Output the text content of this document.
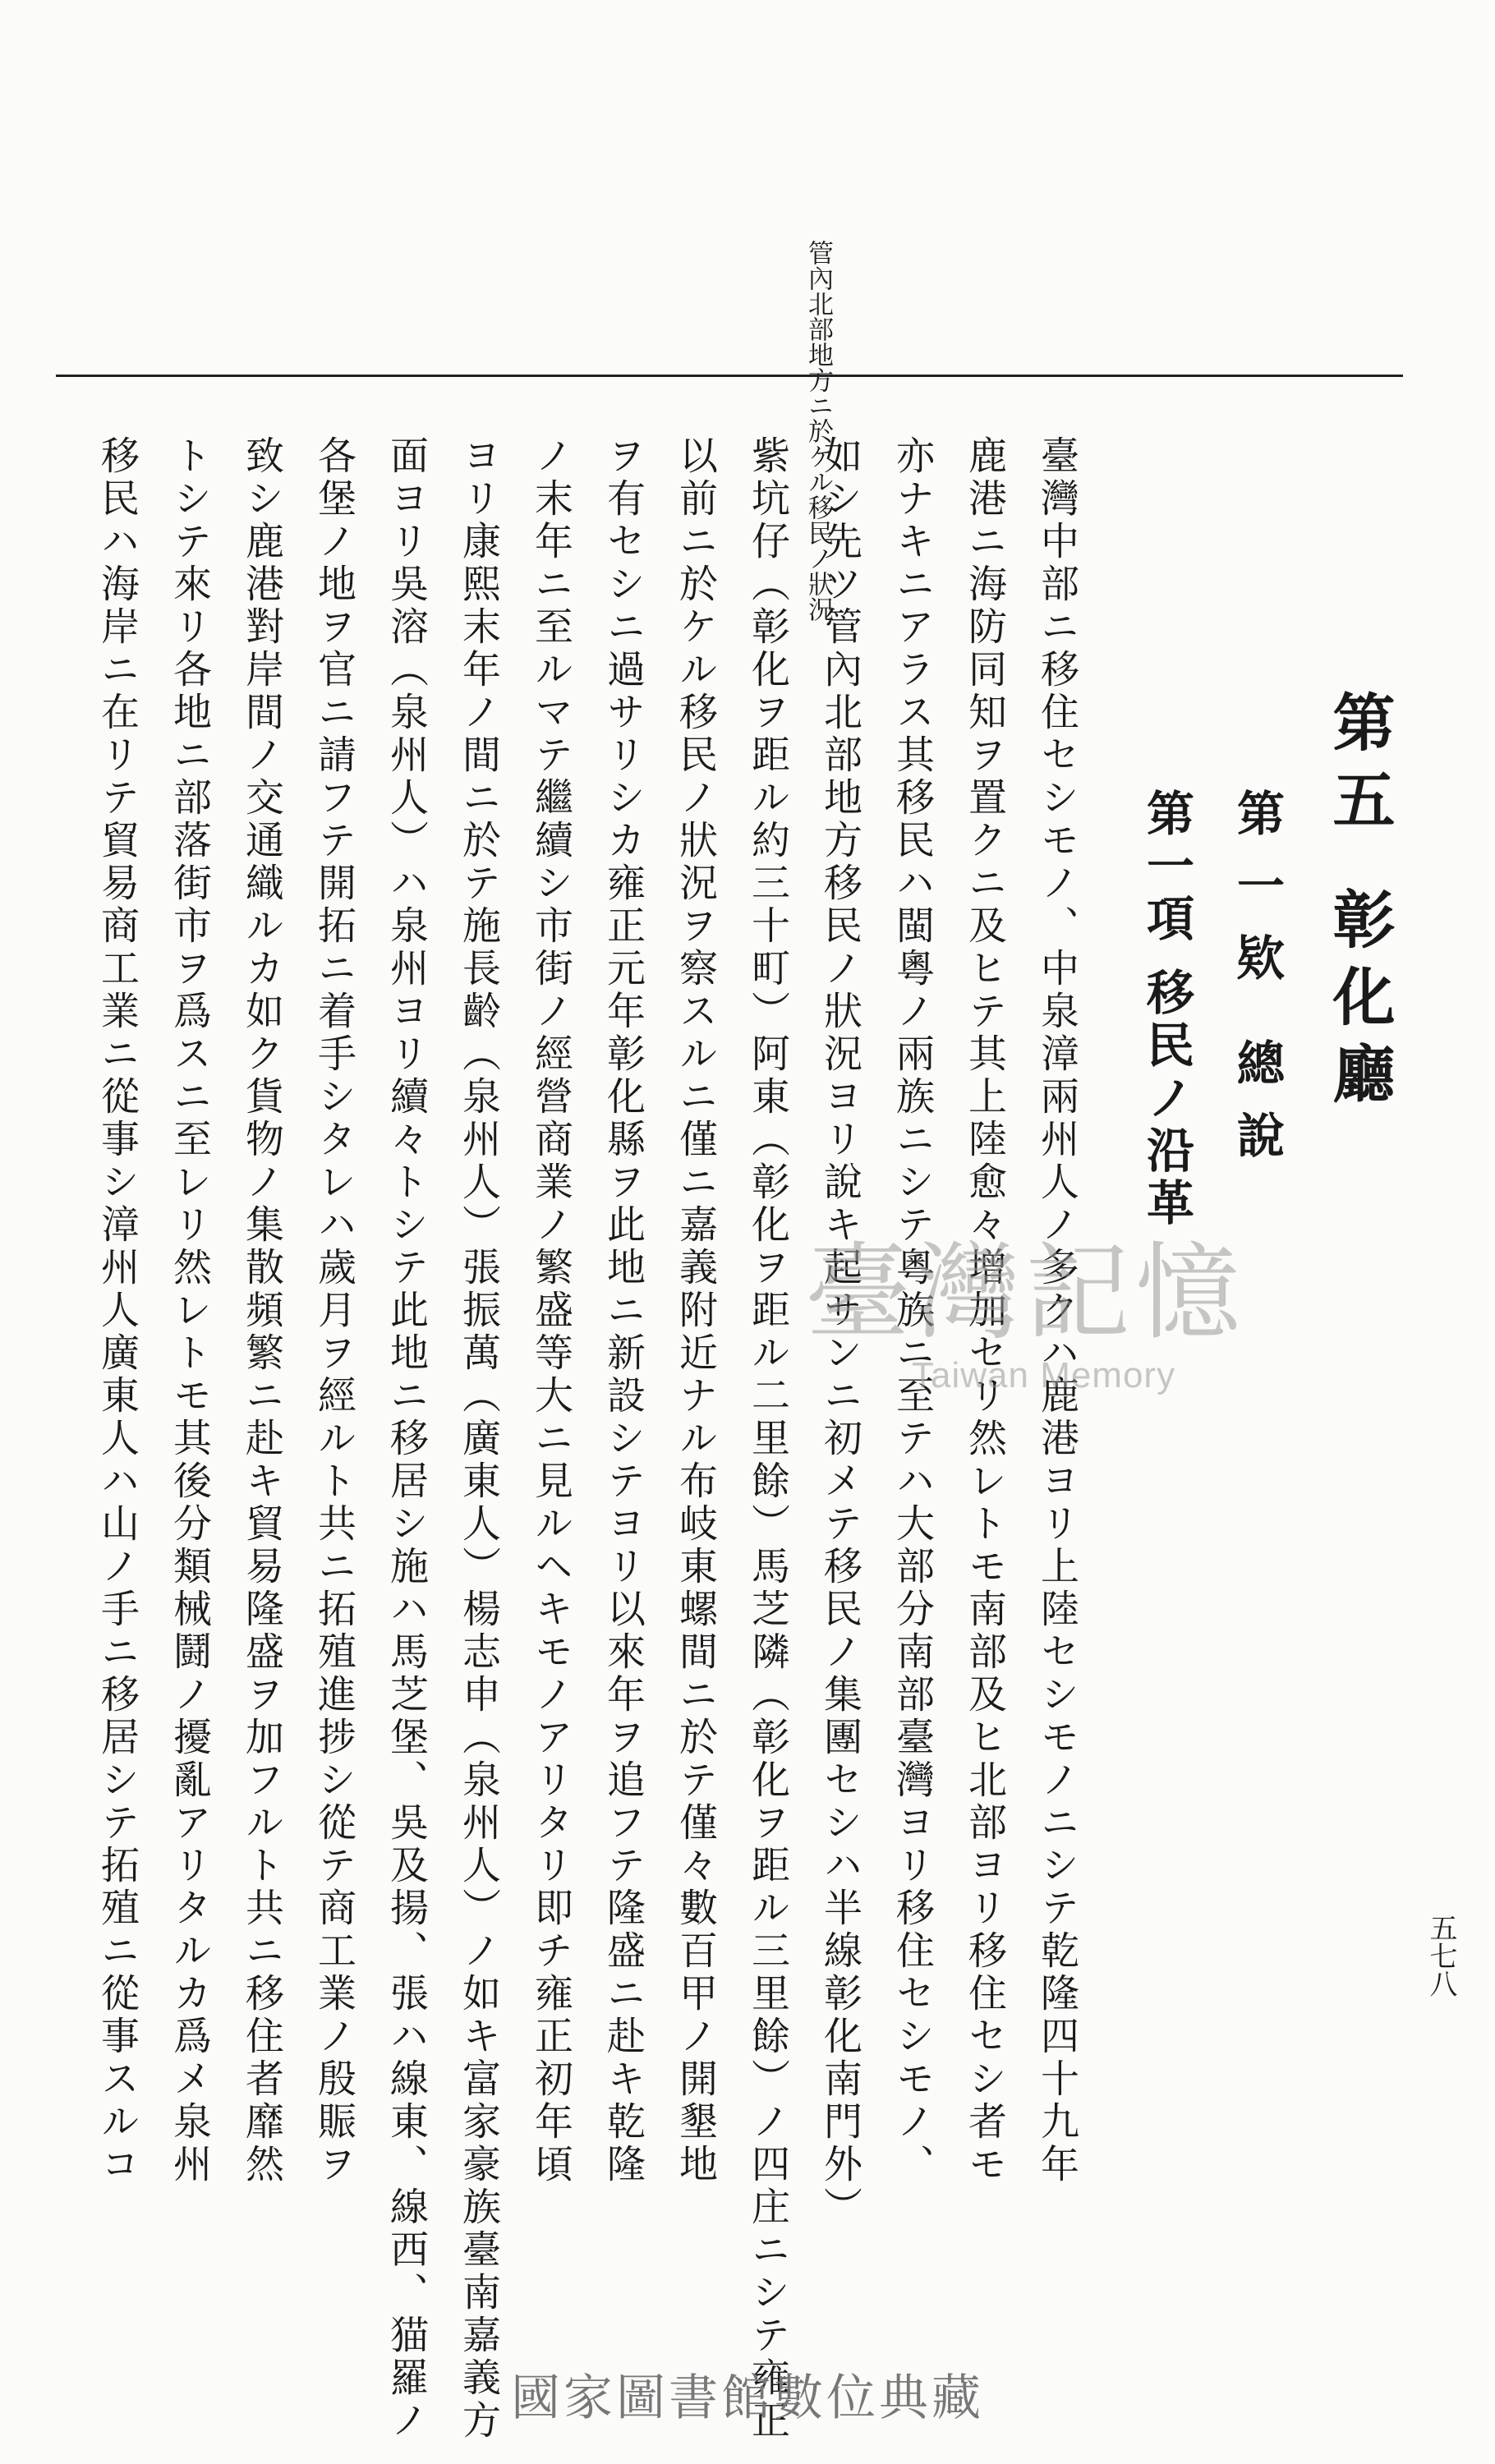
管內北部地方ニ於ケル移民ノ狀況
第五彰化廳
第一欵總說
第一項移民ノ沿革
臺灣中部ニ移住セシモノ、中泉漳兩州人ノ多クハ鹿港ヨリ上陸セシモノニシテ乾隆四十九年
鹿港ニ海防同知ヲ置クニ及ヒテ其上陸愈々增加セリ然レトモ南部及ヒ北部ヨリ移住セシ者モ
亦ナキニアラス其移民ハ閩粵ノ兩族ニシテ粵族ニ至テハ大部分南部臺灣ヨリ移住セシモノ、
如シ先ツ管內北部地方移民ノ狀況ヨリ說キ起サンニ初メテ移民ノ集團セシハ半線彰化南門外）
紫坑仔（彰化ヲ距ル約三十町）阿東（彰化ヲ距ル二里餘）馬芝隣（彰化ヲ距ル三里餘）ノ四庄ニシテ雍正
以前ニ於ケル移民ノ狀況ヲ察スルニ僅ニ嘉義附近ナル布岐東螺間ニ於テ僅々數百甲ノ開墾地
ヲ有セシニ過サリシカ雍正元年彰化縣ヲ此地ニ新設シテヨリ以來年ヲ追フテ隆盛ニ赴キ乾隆
ノ末年ニ至ルマテ繼續シ市街ノ經營商業ノ繁盛等大ニ見ルヘキモノアリタリ即チ雍正初年頃
ヨリ康熙末年ノ間ニ於テ施長齡（泉州人）張振萬（廣東人）楊志申（泉州人）ノ如キ富家豪族臺南嘉義方
面ヨリ吳溶（泉州人）ハ泉州ヨリ續々トシテ此地ニ移居シ施ハ馬芝堡、吳及揚、張ハ線東、線西、猫羅ノ
各堡ノ地ヲ官ニ請フテ開拓ニ着手シタレハ歲月ヲ經ルト共ニ拓殖進捗シ從テ商工業ノ殷賑ヲ
致シ鹿港對岸間ノ交通織ルカ如ク貨物ノ集散頻繁ニ赴キ貿易隆盛ヲ加フルト共ニ移住者靡然
トシテ來リ各地ニ部落街市ヲ爲スニ至レリ然レトモ其後分類械鬪ノ擾亂アリタルカ爲メ泉州
移民ハ海岸ニ在リテ貿易商工業ニ從事シ漳州人廣東人ハ山ノ手ニ移居シテ拓殖ニ從事スルコ	五七八
臺灣記憶
Taiwan Memory
國家圖書館數位典藏
